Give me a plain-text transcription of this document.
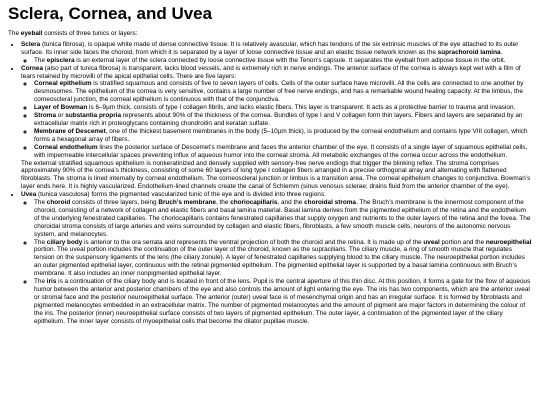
Sclera, Cornea, and Uvea

The eyeball consists of three tunics or layers:

• Sclera (tunica fibrosa), is opaque white made of dense connective tissue. It is relatively avascular, which has tendons of the six extrinsic muscles of the eye attached to its outer surface. Its inner side faces the choroid, from which it is separated by a layer of loose connective tissue and an elastic tissue network known as the suprachoroid lamina.
◦ The episclera is an external layer of the sclera connected by loose connective tissue with the Tenon’s capsule. It separates the eyeball from adipose tissue in the orbit.
• Cornea (also part of tunica fibrosa) is transparent, lacks blood vessels, and is extremely rich in nerve endings. The anterior surface of the cornea is always kept wet with a film of tears retained by microvilli of the apical epithelial cells. There are five layers:
◦ Corneal epithelium is stratified squamous and consists of five to seven layers of cells. Cells of the outer surface have microvilli. All the cells are connected to one another by desmosomes. The epithelium of the cornea is very sensitive, contains a large number of free nerve endings, and has a remarkable wound healing capacity. At the limbus, the corneoscleral junction, the corneal epithelium is continuous with that of the conjunctiva.
◦ Layer of Bowman is 6–9µm thick, consists of type I collagen fibrils, and lacks elastic fibers. This layer is transparent. It acts as a protective barrier to trauma and invasion.
◦ Stroma or substantia propria represents about 90% of the thickness of the cornea. Bundles of type I and V collagen form thin layers. Fibers and layers are separated by an extracellular matrix rich in proteoglycans containing chondroitin and keratan sulfate.
◦ Membrane of Descemet, one of the thickest basement membranes in the body (5–10µm thick), is produced by the corneal endothelium and contains type VIII collagen, which forms a hexagonal array of fibers.
◦ Corneal endothelium lines the posterior surface of Descemet’s membrane and faces the anterior chamber of the eye. It consists of a single layer of squamous epithelial cells, with impermeable intercellular spaces preventing influx of aqueous humor into the corneal stroma. All metabolic exchanges of the cornea occur across the endothelium.
The external stratified squamous epithelium is nonkeratinized and densely supplied with sensory-free nerve endings that trigger the blinking reflex. The stroma comprises approximately 90% of the cornea’s thickness, consisting of some 60 layers of long type I collagen fibers arranged in a precise orthogonal array and alternating with flattened fibroblasts. The stroma is lined internally by corneal endothelium. The corneoscleral junction or limbus is a transition area. The corneal epithelium changes to conjunctiva. Bowman’s layer ends here. It is highly vascularized. Endothelium-lined channels create the canal of Schlemm (sinus venosus sclerae; drains fluid from the anterior chamber of the eye).
• Uvea (tunica vasculosa) forms the pigmented vascularized tunic of the eye and is divided into three regions:
◦ The choroid consists of three layers, being Bruch’s membrane, the choriocapillaris, and the choroidal stroma. The Bruch’s membrane is the innermost component of the choroid, consisting of a network of collagen and elastic fibers and basal lamina material. Basal lamina derives from the pigmented epithelium of the retina and the endothelium of the underlying fenestrated capillaries. The choriocapillaris contains fenestrated capillaries that supply oxygen and nutrients to the outer layers of the retina and the fovea. The choroidal stroma consists of large arteries and veins surrounded by collagen and elastic fibers, fibroblasts, a few smooth muscle cells, neurons of the autonomic nervous system, and melanocytes.
◦ The ciliary body is anterior to the ora serrata and represents the ventral projection of both the choroid and the retina. It is made up of the uveal portion and the neuroepithelial portion. The uveal portion includes the continuation of the outer layer of the choroid, known as the supraciliaris. The ciliary muscle, a ring of smooth muscle that regulates tension on the suspensory ligaments of the lens (the ciliary zonule). A layer of fenestrated capillaries supplying blood to the ciliary muscle. The neuroepithelial portion includes an outer pigmented epithelial layer, continuous with the retinal pigmented epithelium. The pigmented epithelial layer is supported by a basal lamina continuous with Bruch’s membrane. It also includes an inner nonpigmented epithelial layer.
◦ The iris is a continuation of the ciliary body and is located in front of the lens. Pupil is the central aperture of this thin disc. At this position, it forms a gate for the flow of aqueous humor between the anterior and posterior chambers of the eye and also controls the amount of light entering the eye. The iris has two components, which are the anterior uveal or stromal face and the posterior neuroepithelial surface. The anterior (outer) uveal face is of mesenchymal origin and has an irregular surface. It is formed by fibroblasts and pigmented melanocytes embedded in an extracellular matrix. The number of pigmented melanocytes and the amount of pigment are major factors in determining the colour of the iris. The posterior (inner) neuroepithelial surface consists of two layers of pigmented epithelium. The outer layer, a continuation of the pigmented layer of the ciliary epithelium. The inner layer consists of myoepithelial cells that become the dilator pupillae muscle.
